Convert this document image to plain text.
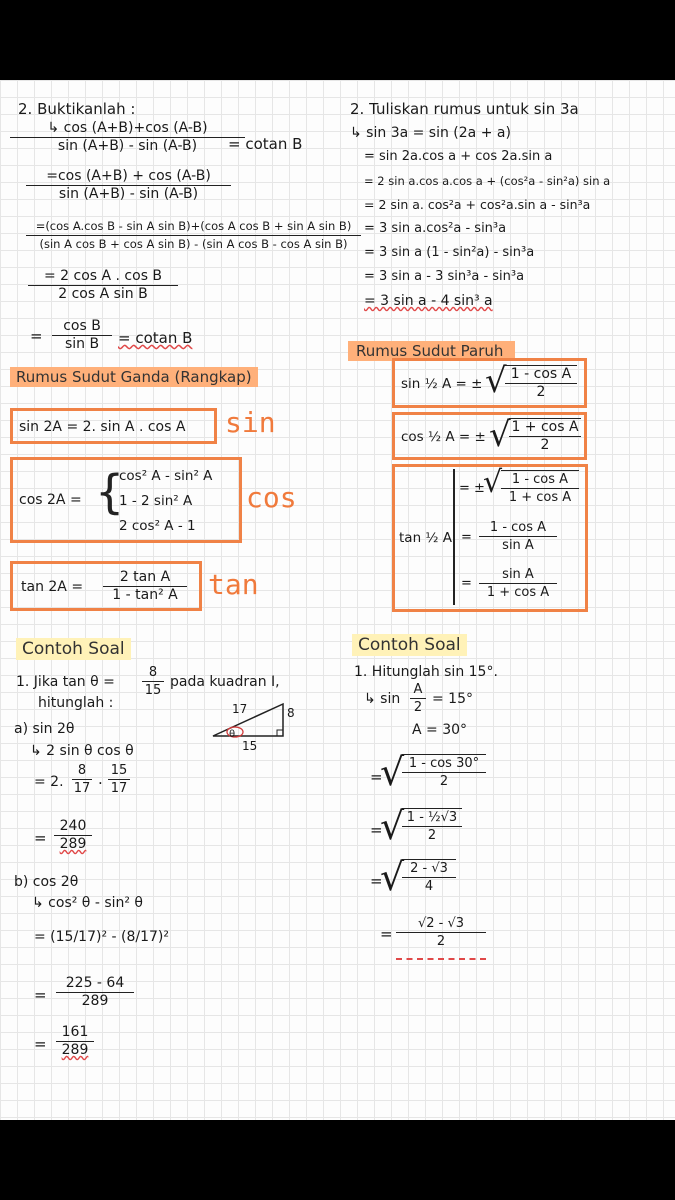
2. Buktikanlah :
$\frac{↳ \cos (A+B)+\cos (A-B)}{\sin (A+B) - \sin (A-B)}$
= cotan B
$\frac{=\cos (A+B) + \cos (A-B)}{\sin (A+B) - \sin (A-B)}$
$\frac{\text{=(cos A.cos B - sin A sin B)+(cos A cos B + sin A sin B)}}{\text{(sin A cos B + cos A sin B) - (sin A cos B - cos A sin B)}}$
$\frac{\text{= 2 cos A . cos B}}{\text{2 cos A sin B}}$
= $\frac{\text{cos B}}{\text{sin B}} = cotan$ B
2. Tuliskan rumus untuk sin 3a
↳ sin 3a = sin (2a + a)
= sin 2a.cos a + cos 2a.sin a
= 2 sin a.cos a.cos a + (cos²a - sin²a) sin a
= 2 sin a. cos²a + cos²a.sin a - sin³a
= 3 sin a.cos²a - sin³a
= 3 sin a (1 - sin²a) - sin³a
= 3 sin a - 3 sin³a - sin³a
= 3 sin a - 4 sin³ a
Rumus Sudut Ganda (Rangkap)
sin 2A = 2. sin A . cos A sin
cos 2A = {
cos² A - sin² A
1 - 2 sin² A
2 cos² A - 1
cos
$\tan 2A = \frac{\text{2 tan A}}{\text{1 - tan² A}}$ tan
Rumus Sudut Paruh
sin ½ A = ± √
$\frac{\text{1 - cos A}}{2}$
cos ½ A = ± √
$\frac{\text{1 + cos A}}{2}$
tan ½ A
= ±
√
$\frac{\text{1 - cos A}}{\text{1 + cos A}}$
= $\frac{\text{1 - cos A}}{\text{sin A}}$
= $\frac{\text{sin A}}{\text{1 + cos A}}$
Contoh Soal
1. Jika $\tan \theta = \frac{8}{15}$ pada kuadran I,
hitunglah :	17	8
15
θ
a) sin 2θ
↳ 2 sin θ cos θ
= 2. $\frac{8}{17}$ . $\frac{15}{17}$
= $\frac{240}{289}$
b) cos 2θ
↳ cos² θ - sin² θ
= (15/17)² - (8/17)²
= $\frac{225 - 64}{289}$
= $\frac{161}{289}$
Contoh Soal
1. Hitunglah sin 15°.
↳ $\sin \frac{A}{2} = 15^\circ$
A = 30°
=
√
$\frac{1 - \cos 30^\circ}{2}$
=
√
$\frac{\text{1 - ½√3}}{2}$
=
√
$\frac{2 - √3}{4}$
= $\frac{√2 - √3}{2}$
